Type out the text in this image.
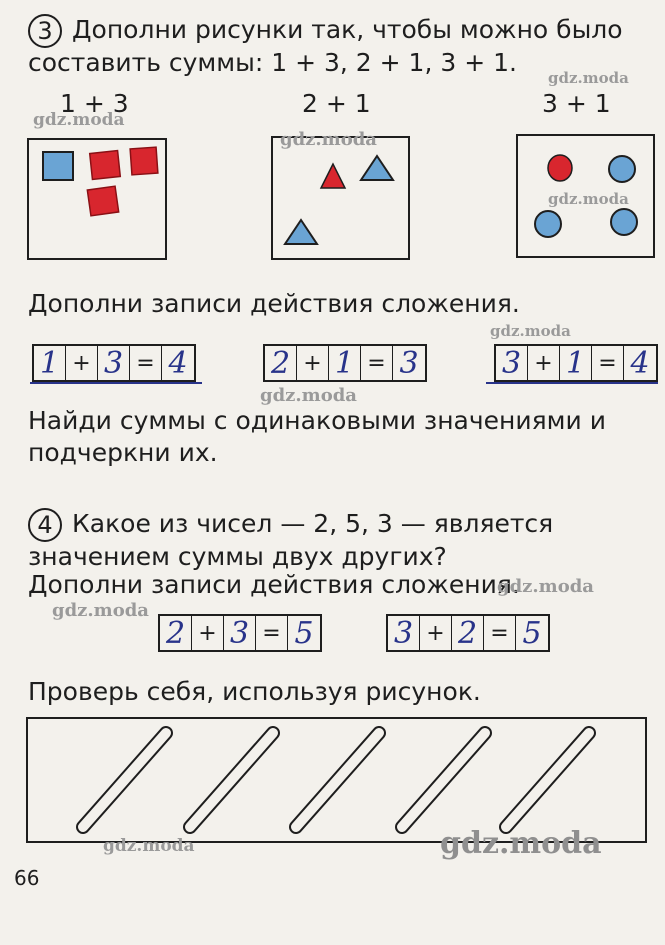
3 Дополни рисунки так, чтобы можно было
составить суммы: 1 + 3, 2 + 1, 3 + 1.
1 + 3	2 + 1	3 + 1
Дополни записи действия сложения.
1 + 3 = 4	2 + 1 = 3	3 + 1 = 4
Найди суммы с одинаковыми значениями и
подчеркни их.
4 Какое из чисел — 2, 5, 3 — является
значением суммы двух других?
Дополни записи действия сложения.
2 + 3 = 5	3 + 2 = 5
Проверь себя, используя рисунок.
gdz.moda
gdz.moda
gdz.moda
gdz.moda
gdz.moda
gdz.moda
gdz.moda
gdz.moda
gdz.moda	gdz.moda
66
